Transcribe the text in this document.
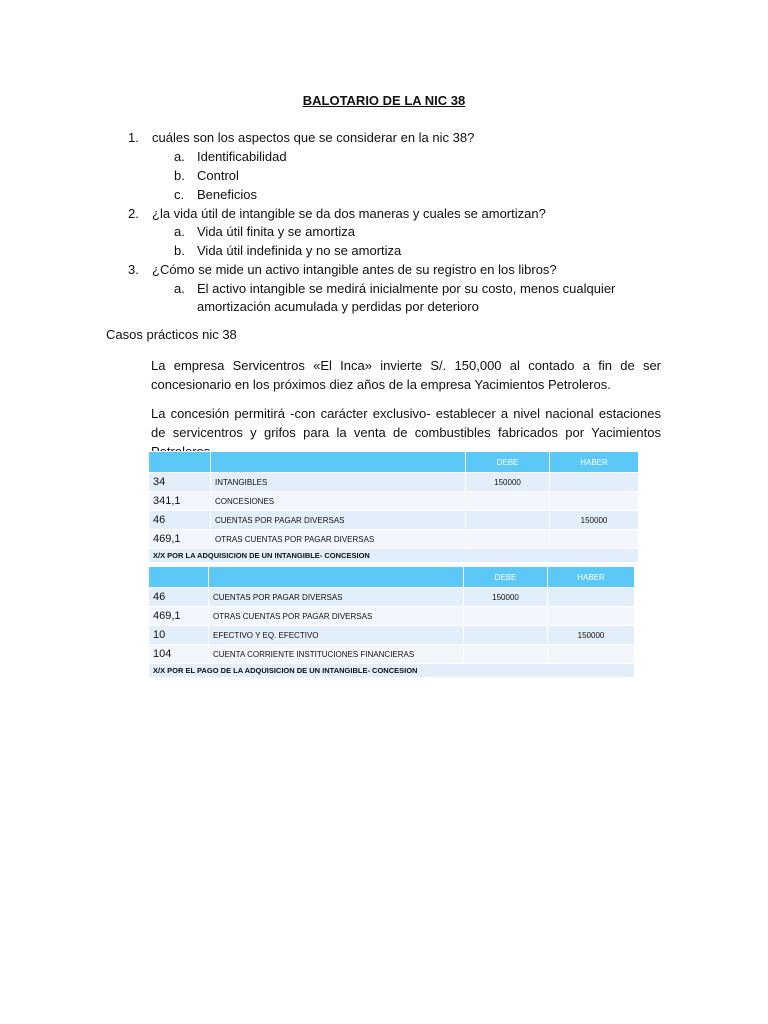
BALOTARIO DE LA NIC 38
1. cuáles son los aspectos que se considerar en la nic 38?
a. Identificabilidad
b. Control
c. Beneficios
2. ¿la vida útil de intangible se da dos maneras y cuales se amortizan?
a. Vida útil finita y se amortiza
b. Vida útil indefinida y no se amortiza
3. ¿Cómo se mide un activo intangible antes de su registro en los libros?
a. El activo intangible se medirá inicialmente por su costo, menos cualquier
amortización acumulada y perdidas por deterioro
Casos prácticos nic 38
La empresa Servicentros «El Inca» invierte S/. 150,000 al contado a fin de ser concesionario en los próximos diez años de la empresa Yacimientos Petroleros.
La concesión permitirá -con carácter exclusivo- establecer a nivel nacional estaciones de servicentros y grifos para la venta de combustibles fabricados por Yacimientos
		DEBE	HABER
34	INTANGIBLES	150000	
341,1	CONCESIONES		
46	CUENTAS POR PAGAR DIVERSAS		150000
469,1	OTRAS CUENTAS POR PAGAR DIVERSAS		
X/X POR LA ADQUISICION DE UN INTANGIBLE- CONCESION			
		DEBE	HABER
46	CUENTAS POR PAGAR DIVERSAS	150000	
469,1	OTRAS CUENTAS POR PAGAR DIVERSAS		
10	EFECTIVO Y EQ. EFECTIVO		150000
104	CUENTA CORRIENTE INSTITUCIONES FINANCIERAS		
X/X POR EL PAGO DE LA ADQUISICION DE UN INTANGIBLE- CONCESION			
